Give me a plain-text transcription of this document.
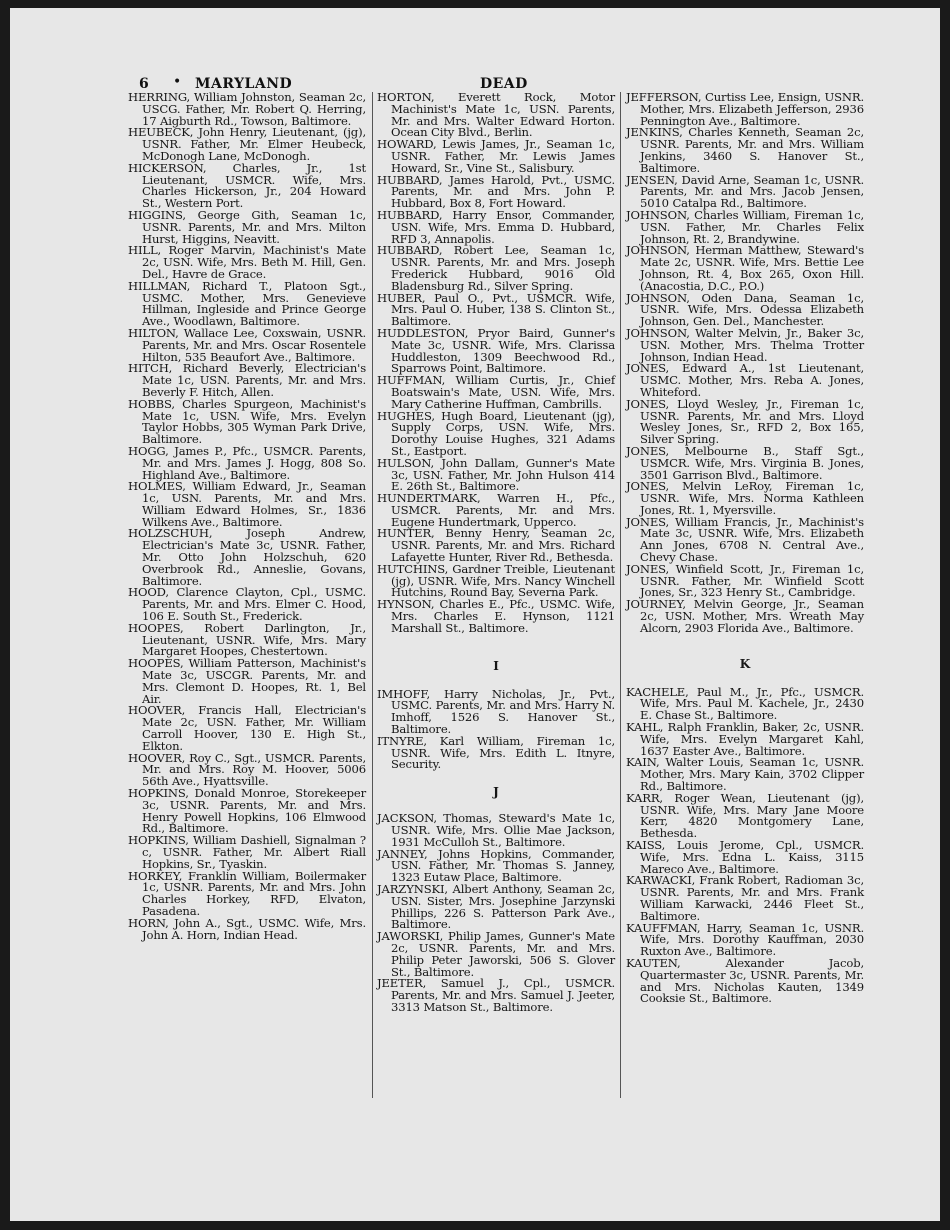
6 • MARYLAND	DEAD

HERRING, William Johnston, Seaman 2c, USCG. Father, Mr. Robert Q. Herring, 17 Aigburth Rd., Towson, Baltimore.

HEUBECK, John Henry, Lieutenant, (jg), USNR. Father, Mr. Elmer Heubeck, McDonogh Lane, McDonogh.

HICKERSON, Charles, Jr., 1st Lieutenant, USMCR. Wife, Mrs. Charles Hickerson, Jr., 204 Howard St., Western Port.

HIGGINS, George Gith, Seaman 1c, USNR. Parents, Mr. and Mrs. Milton Hurst, Higgins, Neavitt.

HILL, Roger Marvin, Machinist's Mate 2c, USN. Wife, Mrs. Beth M. Hill, Gen. Del., Havre de Grace.

HILLMAN, Richard T., Platoon Sgt., USMC. Mother, Mrs. Genevieve Hillman, Ingleside and Prince George Ave., Woodlawn, Baltimore.

HILTON, Wallace Lee, Coxswain, USNR. Parents, Mr. and Mrs. Oscar Rosentele Hilton, 535 Beaufort Ave., Baltimore.

HITCH, Richard Beverly, Electrician's Mate 1c, USN. Parents, Mr. and Mrs. Beverly F. Hitch, Allen.

HOBBS, Charles Spurgeon, Machinist's Mate 1c, USN. Wife, Mrs. Evelyn Taylor Hobbs, 305 Wyman Park Drive, Baltimore.

HOGG, James P., Pfc., USMCR. Parents, Mr. and Mrs. James J. Hogg, 808 So. Highland Ave., Baltimore.

HOLMES, William Edward, Jr., Seaman 1c, USN. Parents, Mr. and Mrs. William Edward Holmes, Sr., 1836 Wilkens Ave., Baltimore.

HOLZSCHUH, Joseph Andrew, Electrician's Mate 3c, USNR. Father, Mr. Otto John Holzschuh, 620 Overbrook Rd., Anneslie, Govans, Baltimore.

HOOD, Clarence Clayton, Cpl., USMC. Parents, Mr. and Mrs. Elmer C. Hood, 106 E. South St., Frederick.

HOOPES, Robert Darlington, Jr., Lieutenant, USNR. Wife, Mrs. Mary Margaret Hoopes, Chestertown.

HOOPES, William Patterson, Machinist's Mate 3c, USCGR. Parents, Mr. and Mrs. Clemont D. Hoopes, Rt. 1, Bel Air.

HOOVER, Francis Hall, Electrician's Mate 2c, USN. Father, Mr. William Carroll Hoover, 130 E. High St., Elkton.

HOOVER, Roy C., Sgt., USMCR. Parents, Mr. and Mrs. Roy M. Hoover, 5006 56th Ave., Hyattsville.

HOPKINS, Donald Monroe, Storekeeper 3c, USNR. Parents, Mr. and Mrs. Henry Powell Hopkins, 106 Elmwood Rd., Baltimore.

HOPKINS, William Dashiell, Signalman ?c, USNR. Father, Mr. Albert Riall Hopkins, Sr., Tyaskin.

HORKEY, Franklin William, Boilermaker 1c, USNR. Parents, Mr. and Mrs. John Charles Horkey, RFD, Elvaton, Pasadena.

HORN, John A., Sgt., USMC. Wife, Mrs. John A. Horn, Indian Head.

HORTON, Everett Rock, Motor Machinist's Mate 1c, USN. Parents, Mr. and Mrs. Walter Edward Horton. Ocean City Blvd., Berlin.

HOWARD, Lewis James, Jr., Seaman 1c, USNR. Father, Mr. Lewis James Howard, Sr., Vine St., Salisbury.

HUBBARD, James Harold, Pvt., USMC. Parents, Mr. and Mrs. John P. Hubbard, Box 8, Fort Howard.

HUBBARD, Harry Ensor, Commander, USN. Wife, Mrs. Emma D. Hubbard, RFD 3, Annapolis.

HUBBARD, Robert Lee, Seaman 1c, USNR. Parents, Mr. and Mrs. Joseph Frederick Hubbard, 9016 Old Bladensburg Rd., Silver Spring.

HUBER, Paul O., Pvt., USMCR. Wife, Mrs. Paul O. Huber, 138 S. Clinton St., Baltimore.

HUDDLESTON, Pryor Baird, Gunner's Mate 3c, USNR. Wife, Mrs. Clarissa Huddleston, 1309 Beechwood Rd., Sparrows Point, Baltimore.

HUFFMAN, William Curtis, Jr., Chief Boatswain's Mate, USN. Wife, Mrs. Mary Catherine Huffman, Cambrills.

HUGHES, Hugh Board, Lieutenant (jg), Supply Corps, USN. Wife, Mrs. Dorothy Louise Hughes, 321 Adams St., Eastport.

HULSON, John Dallam, Gunner's Mate 3c, USN. Father, Mr. John Hulson 414 E. 26th St., Baltimore.

HUNDERTMARK, Warren H., Pfc., USMCR. Parents, Mr. and Mrs. Eugene Hundertmark, Upperco.

HUNTER, Benny Henry, Seaman 2c, USNR. Parents, Mr. and Mrs. Richard Lafayette Hunter, River Rd., Bethesda.

HUTCHINS, Gardner Treible, Lieutenant (jg), USNR. Wife, Mrs. Nancy Winchell Hutchins, Round Bay, Severna Park.

HYNSON, Charles E., Pfc., USMC. Wife, Mrs. Charles E. Hynson, 1121 Marshall St., Baltimore.

I

IMHOFF, Harry Nicholas, Jr., Pvt., USMC. Parents, Mr. and Mrs. Harry N. Imhoff, 1526 S. Hanover St., Baltimore.

ITNYRE, Karl William, Fireman 1c, USNR. Wife, Mrs. Edith L. Itnyre, Security.

J

JACKSON, Thomas, Steward's Mate 1c, USNR. Wife, Mrs. Ollie Mae Jackson, 1931 McCulloh St., Baltimore.

JANNEY, Johns Hopkins, Commander, USN. Father, Mr. Thomas S. Janney, 1323 Eutaw Place, Baltimore.

JARZYNSKI, Albert Anthony, Seaman 2c, USN. Sister, Mrs. Josephine Jarzynski Phillips, 226 S. Patterson Park Ave., Baltimore.

JAWORSKI, Philip James, Gunner's Mate 2c, USNR. Parents, Mr. and Mrs. Philip Peter Jaworski, 506 S. Glover St., Baltimore.

JEETER, Samuel J., Cpl., USMCR. Parents, Mr. and Mrs. Samuel J. Jeeter, 3313 Matson St., Baltimore.

JEFFERSON, Curtiss Lee, Ensign, USNR. Mother, Mrs. Elizabeth Jefferson, 2936 Pennington Ave., Baltimore.

JENKINS, Charles Kenneth, Seaman 2c, USNR. Parents, Mr. and Mrs. William Jenkins, 3460 S. Hanover St., Baltimore.

JENSEN, David Arne, Seaman 1c, USNR. Parents, Mr. and Mrs. Jacob Jensen, 5010 Catalpa Rd., Baltimore.

JOHNSON, Charles William, Fireman 1c, USN. Father, Mr. Charles Felix Johnson, Rt. 2, Brandywine.

JOHNSON, Herman Matthew, Steward's Mate 2c, USNR. Wife, Mrs. Bettie Lee Johnson, Rt. 4, Box 265, Oxon Hill. (Anacostia, D.C., P.O.)

JOHNSON, Oden Dana, Seaman 1c, USNR. Wife, Mrs. Odessa Elizabeth Johnson, Gen. Del., Manchester.

JOHNSON, Walter Melvin, Jr., Baker 3c, USN. Mother, Mrs. Thelma Trotter Johnson, Indian Head.

JONES, Edward A., 1st Lieutenant, USMC. Mother, Mrs. Reba A. Jones, Whiteford.

JONES, Lloyd Wesley, Jr., Fireman 1c, USNR. Parents, Mr. and Mrs. Lloyd Wesley Jones, Sr., RFD 2, Box 165, Silver Spring.

JONES, Melbourne B., Staff Sgt., USMCR. Wife, Mrs. Virginia B. Jones, 3501 Garrison Blvd., Baltimore.

JONES, Melvin LeRoy, Fireman 1c, USNR. Wife, Mrs. Norma Kathleen Jones, Rt. 1, Myersville.

JONES, William Francis, Jr., Machinist's Mate 3c, USNR. Wife, Mrs. Elizabeth Ann Jones, 6708 N. Central Ave., Chevy Chase.

JONES, Winfield Scott, Jr., Fireman 1c, USNR. Father, Mr. Winfield Scott Jones, Sr., 323 Henry St., Cambridge.

JOURNEY, Melvin George, Jr., Seaman 2c, USN. Mother, Mrs. Wreath May Alcorn, 2903 Florida Ave., Baltimore.

K

KACHELE, Paul M., Jr., Pfc., USMCR. Wife, Mrs. Paul M. Kachele, Jr., 2430 E. Chase St., Baltimore.

KAHL, Ralph Franklin, Baker, 2c, USNR. Wife, Mrs. Evelyn Margaret Kahl, 1637 Easter Ave., Baltimore.

KAIN, Walter Louis, Seaman 1c, USNR. Mother, Mrs. Mary Kain, 3702 Clipper Rd., Baltimore.

KARR, Roger Wean, Lieutenant (jg), USNR. Wife, Mrs. Mary Jane Moore Kerr, 4820 Montgomery Lane, Bethesda.

KAISS, Louis Jerome, Cpl., USMCR. Wife, Mrs. Edna L. Kaiss, 3115 Mareco Ave., Baltimore.

KARWACKI, Frank Robert, Radioman 3c, USNR. Parents, Mr. and Mrs. Frank William Karwacki, 2446 Fleet St., Baltimore.

KAUFFMAN, Harry, Seaman 1c, USNR. Wife, Mrs. Dorothy Kauffman, 2030 Ruxton Ave., Baltimore.

KAUTEN, Alexander Jacob, Quartermaster 3c, USNR. Parents, Mr. and Mrs. Nicholas Kauten, 1349 Cooksie St., Baltimore.
